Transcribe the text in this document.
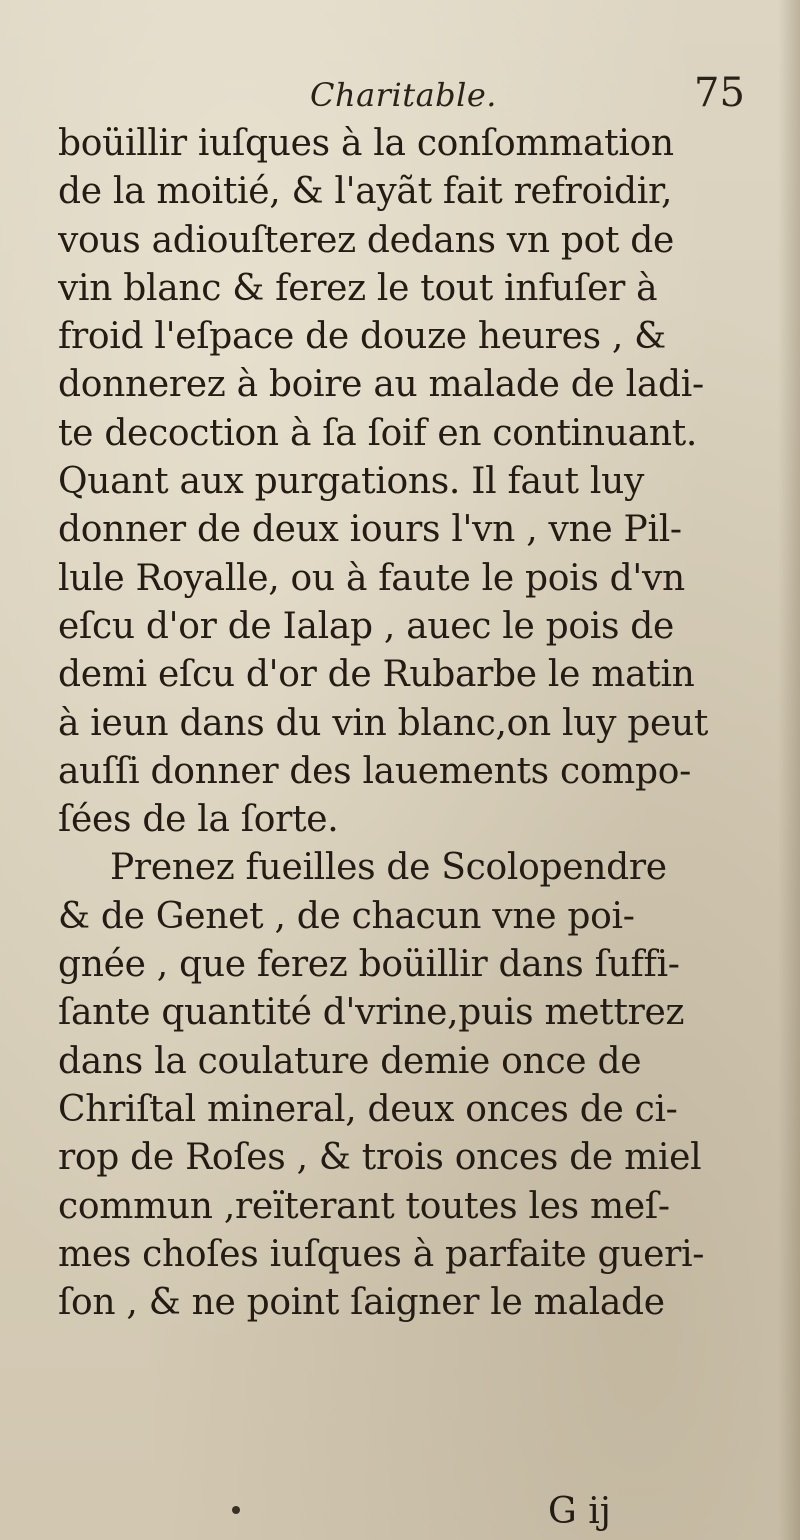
Charitable.	75
boüillir iuſques à la conſommation
de la moitié, & l'ayãt fait refroidir,
vous adiouſterez dedans vn pot de
vin blanc & ferez le tout infuſer à
froid l'eſpace de douze heures , &
donnerez à boire au malade de ladi-
te decoction à ſa ſoif en continuant.
Quant aux purgations. Il faut luy
donner de deux iours l'vn , vne Pil-
lule Royalle, ou à faute le pois d'vn
eſcu d'or de Ialap , auec le pois de
demi eſcu d'or de Rubarbe le matin
à ieun dans du vin blanc,on luy peut
auſſi donner des lauements compo-
ſées de la ſorte.
Prenez fueilles de Scolopendre
& de Genet , de chacun vne poi-
gnée , que ferez boüillir dans ſuffi-
ſante quantité d'vrine,puis mettrez
dans la coulature demie once de
Chriſtal mineral, deux onces de ci-
rop de Roſes , & trois onces de miel
commun ,reïterant toutes les meſ-
mes choſes iuſques à parfaite gueri-
ſon , & ne point ſaigner le malade
G ij
